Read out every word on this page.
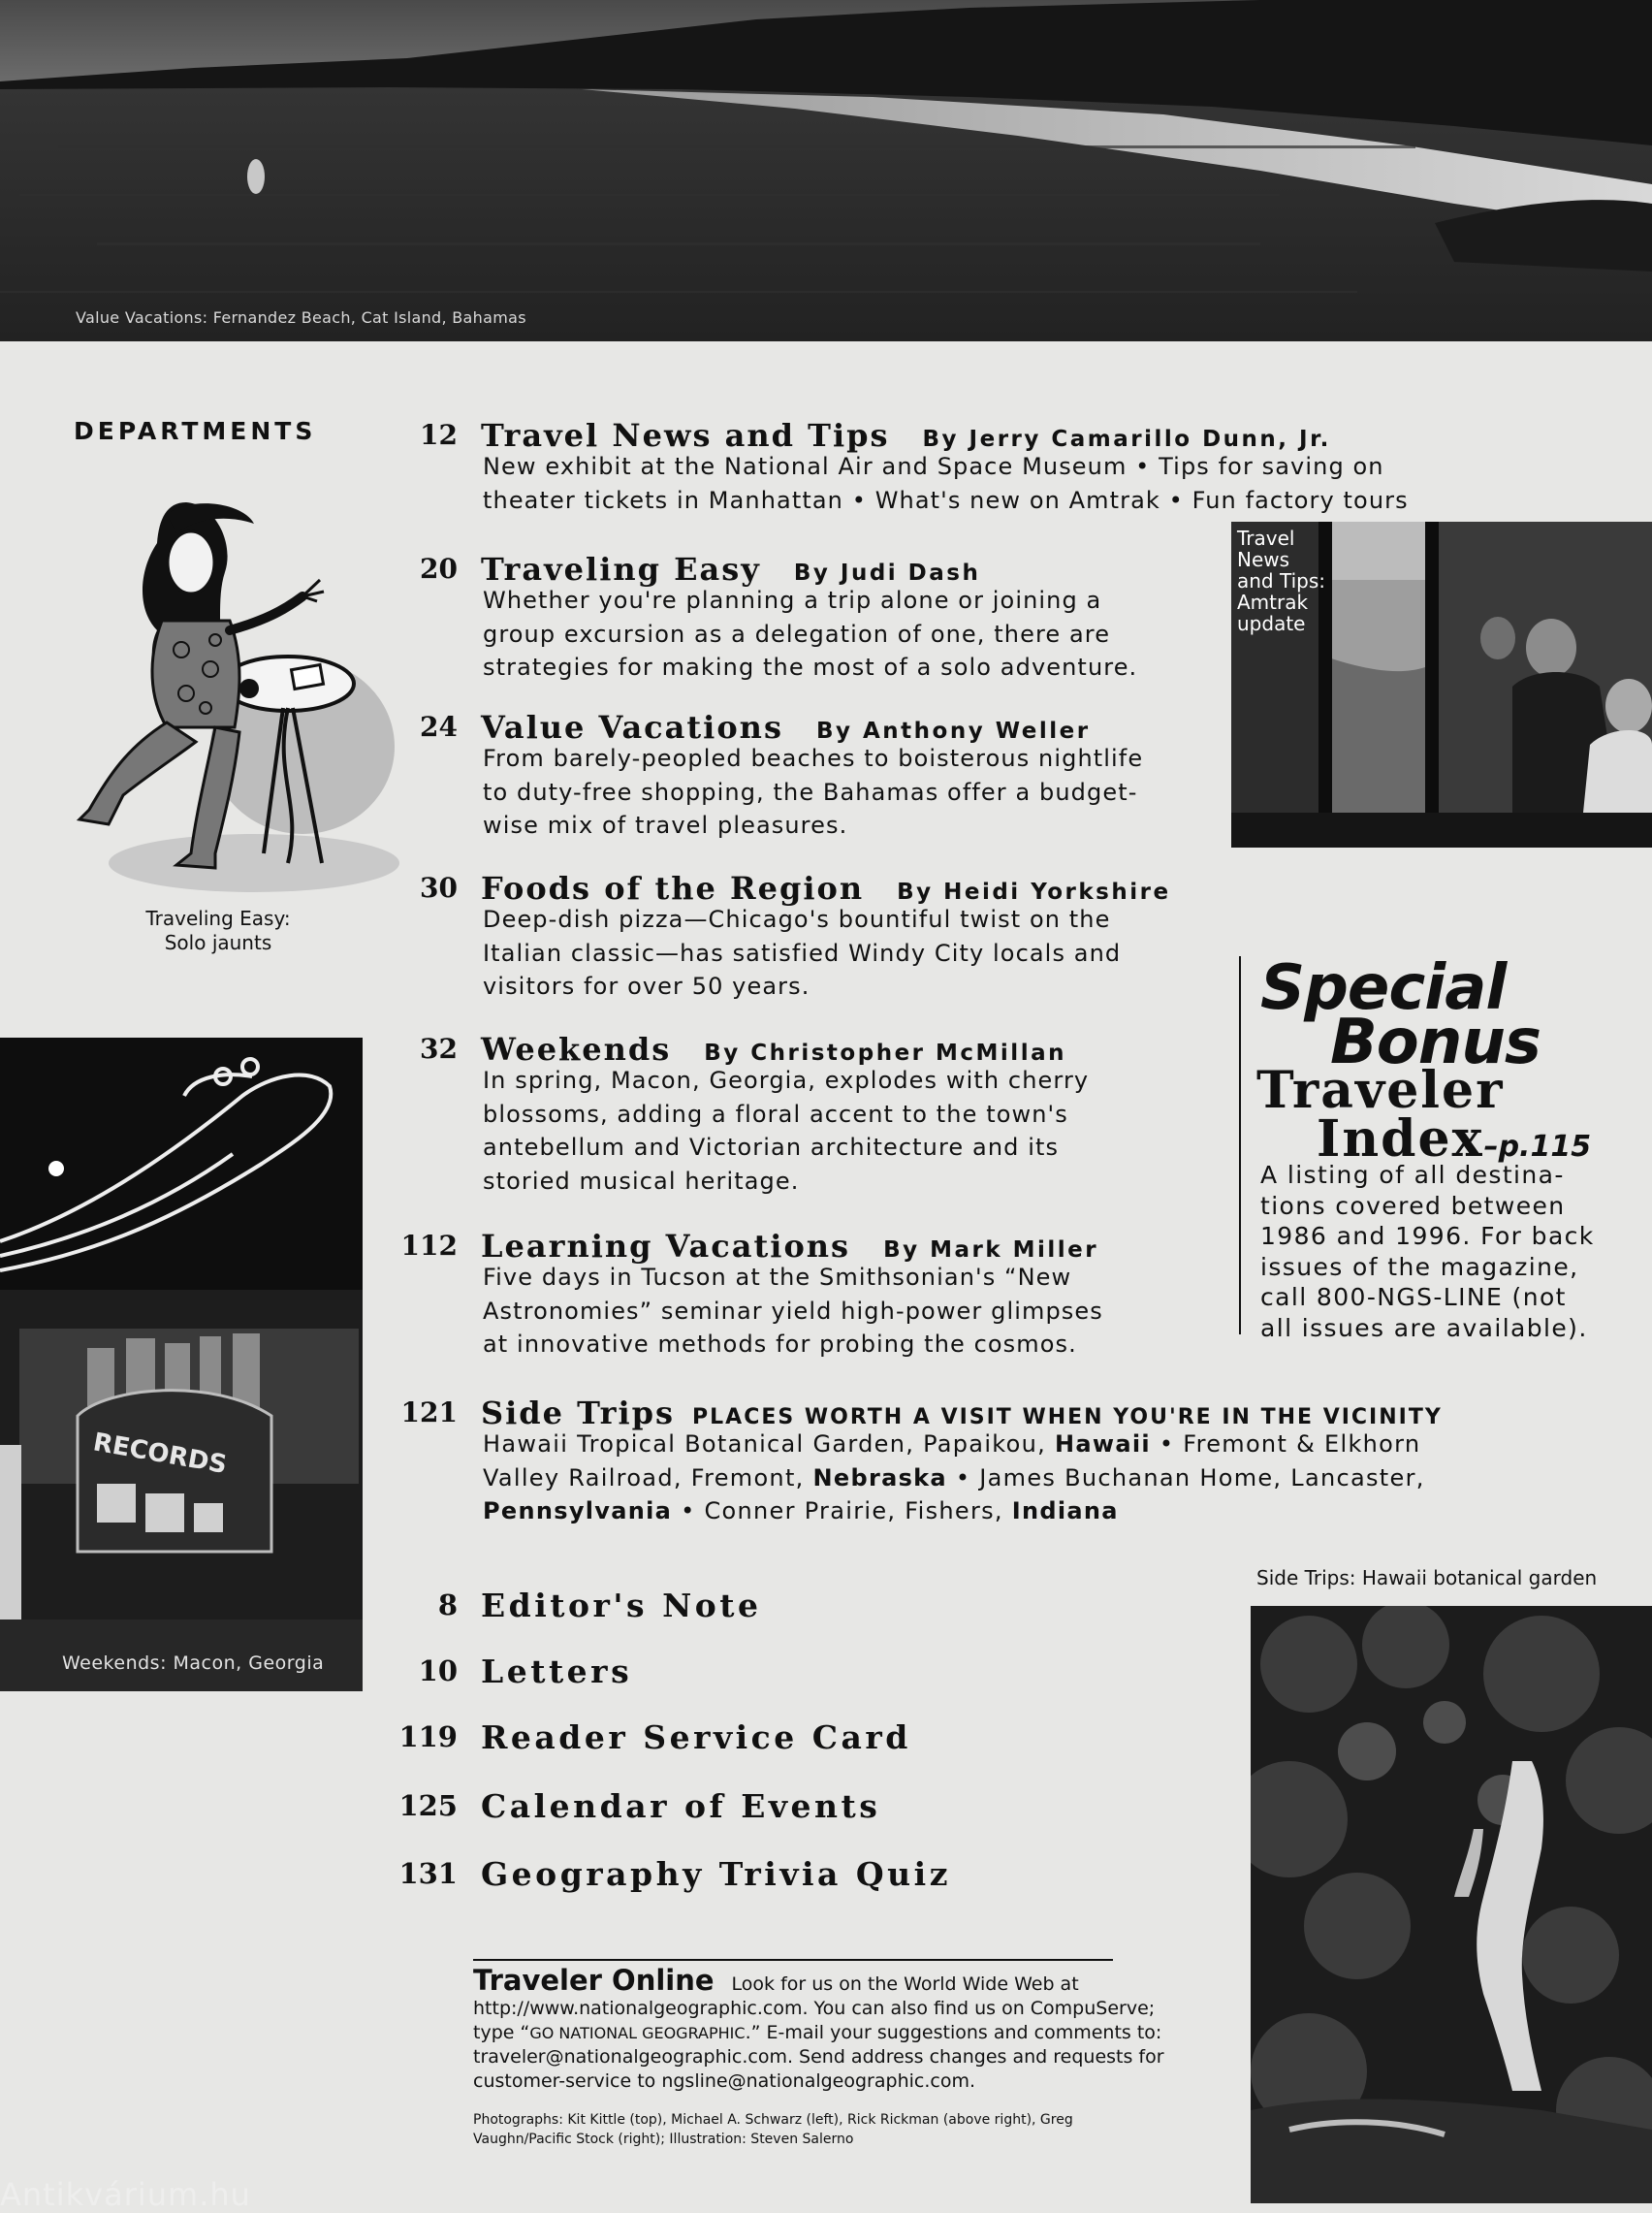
Value Vacations: Fernandez Beach, Cat Island, Bahamas
DEPARTMENTS	12 Travel News and Tips By Jerry Camarillo Dunn, Jr.
New exhibit at the National Air and Space Museum • Tips for saving on
theater tickets in Manhattan • What's new on Amtrak • Fun factory tours
20 Traveling Easy By Judi Dash
Whether you're planning a trip alone or joining a
group excursion as a delegation of one, there are
strategies for making the most of a solo adventure.
24 Value Vacations By Anthony Weller
From barely-peopled beaches to boisterous nightlife
to duty-free shopping, the Bahamas offer a budget-
wise mix of travel pleasures.
30 Foods of the Region By Heidi Yorkshire
Deep-dish pizza—Chicago's bountiful twist on the
Italian classic—has satisfied Windy City locals and
visitors for over 50 years.
32 Weekends By Christopher McMillan
In spring, Macon, Georgia, explodes with cherry
blossoms, adding a floral accent to the town's
antebellum and Victorian architecture and its
storied musical heritage.
112 Learning Vacations By Mark Miller
Five days in Tucson at the Smithsonian's “New
Astronomies” seminar yield high-power glimpses
at innovative methods for probing the cosmos.
121 Side Trips PLACES WORTH A VISIT WHEN YOU'RE IN THE VICINITY
Hawaii Tropical Botanical Garden, Papaikou, Hawaii • Fremont & Elkhorn
Valley Railroad, Fremont, Nebraska • James Buchanan Home, Lancaster,
Pennsylvania • Conner Prairie, Fishers, Indiana
8 Editor's Note
10 Letters
119 Reader Service Card
125 Calendar of Events
131 Geography Trivia Quiz
Traveling Easy:
Solo jaunts
RECORDS
Weekends: Macon, Georgia
Travel
News
and Tips:
Amtrak
update
Special
Bonus
Traveler
Index–p.115
A listing of all destina-
tions covered between
1986 and 1996. For back
issues of the magazine,
call 800-NGS-LINE (not
all issues are available).
Side Trips: Hawaii botanical garden
Traveler Online Look for us on the World Wide Web at
http://www.nationalgeographic.com. You can also find us on CompuServe;
type “GO NATIONAL GEOGRAPHIC.” E-mail your suggestions and comments to:
traveler@nationalgeographic.com. Send address changes and requests for
customer-service to ngsline@nationalgeographic.com.
Photographs: Kit Kittle (top), Michael A. Schwarz (left), Rick Rickman (above right), Greg
Vaughn/Pacific Stock (right); Illustration: Steven Salerno
Antikvárium.hu
